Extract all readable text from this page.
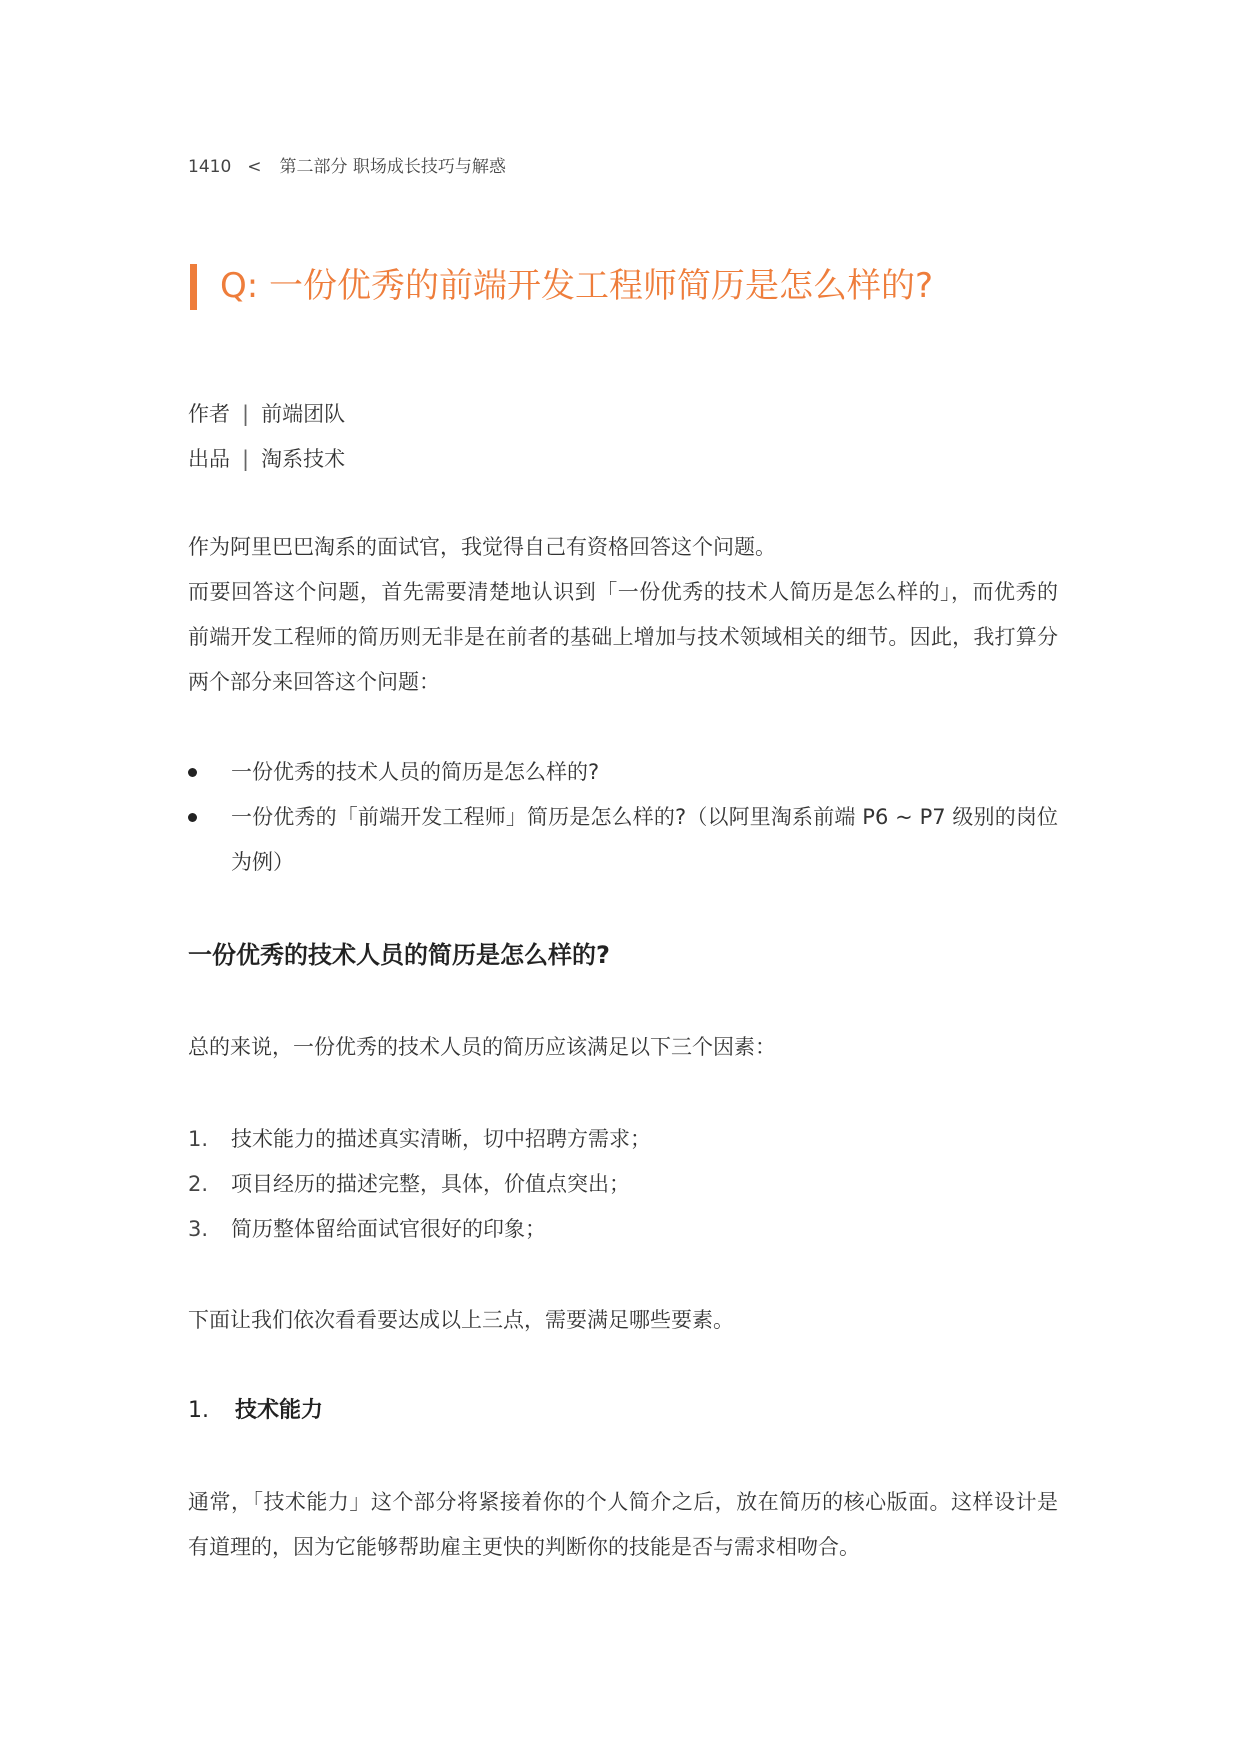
1410 < 第二部分 职场成长技巧与解惑
Q: 一份优秀的前端开发工程师简历是怎么样的?
作者 | 前端团队
出品 | 淘系技术

作为阿里巴巴淘系的面试官，我觉得自己有资格回答这个问题。

而要回答这个问题，首先需要清楚地认识到「一份优秀的技术人简历是怎么样的」，而优秀的前端开发工程师的简历则无非是在前者的基础上增加与技术领域相关的细节。因此，我打算分两个部分来回答这个问题：

一份优秀的技术人员的简历是怎么样的?
一份优秀的「前端开发工程师」简历是怎么样的?（以阿里淘系前端 P6 ~ P7 级别的岗位为例）
一份优秀的技术人员的简历是怎么样的?

总的来说，一份优秀的技术人员的简历应该满足以下三个因素：

1. 技术能力的描述真实清晰，切中招聘方需求；
2. 项目经历的描述完整，具体，价值点突出；
3. 简历整体留给面试官很好的印象；

下面让我们依次看看要达成以上三点，需要满足哪些要素。

1. 技术能力

通常，「技术能力」这个部分将紧接着你的个人简介之后，放在简历的核心版面。这样设计是有道理的，因为它能够帮助雇主更快的判断你的技能是否与需求相吻合。
